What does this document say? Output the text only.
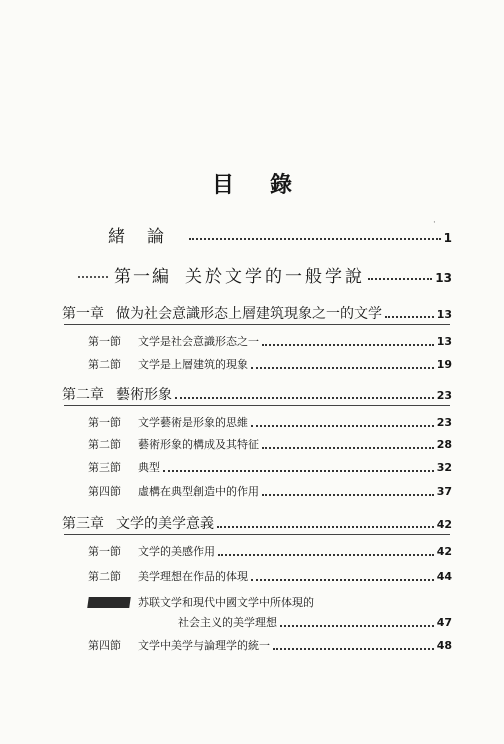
目錄
·
緒論	1
第一編 关於文学的一般学說	13
第一章 做为社会意識形态上層建筑現象之一的文学	13
第一節	文学是社会意識形态之一	13
第二節	文学是上層建筑的現象	19
第二章 藝術形象	23
第一節	文学藝術是形象的思維	23
第二節	藝術形象的構成及其特征	28
第三節	典型	32
第四節	虛構在典型創造中的作用	37
第三章 文学的美学意義	42
第一節	文学的美感作用	42
第二節	美学理想在作品的体現	44
苏联文学和現代中國文学中所体現的
社会主义的美学理想	47
第四節	文学中美学与論理学的統一	48
